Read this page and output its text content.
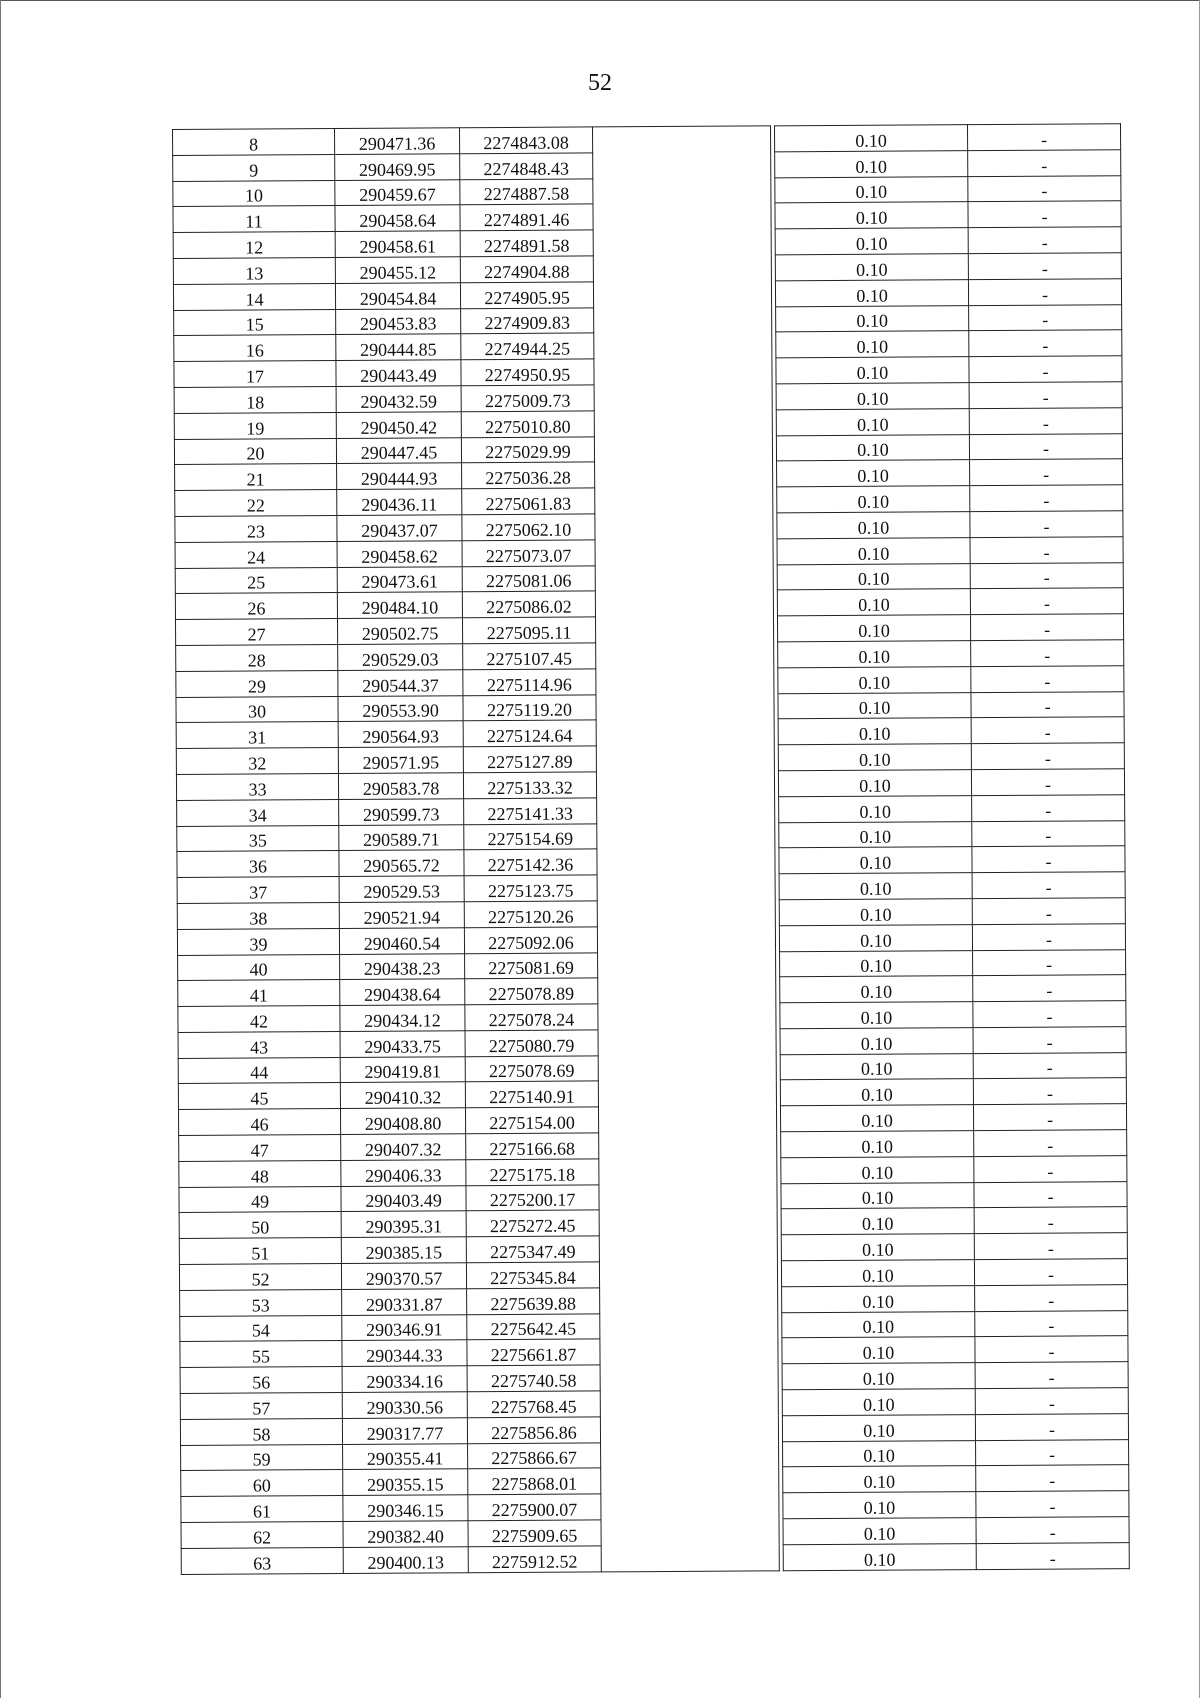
52
8	290471.36	2274843.08			0.10	-
9	290469.95	2274848.43			0.10	-
10	290459.67	2274887.58			0.10	-
11	290458.64	2274891.46			0.10	-
12	290458.61	2274891.58			0.10	-
13	290455.12	2274904.88			0.10	-
14	290454.84	2274905.95			0.10	-
15	290453.83	2274909.83			0.10	-
16	290444.85	2274944.25			0.10	-
17	290443.49	2274950.95			0.10	-
18	290432.59	2275009.73			0.10	-
19	290450.42	2275010.80			0.10	-
20	290447.45	2275029.99			0.10	-
21	290444.93	2275036.28			0.10	-
22	290436.11	2275061.83			0.10	-
23	290437.07	2275062.10			0.10	-
24	290458.62	2275073.07			0.10	-
25	290473.61	2275081.06			0.10	-
26	290484.10	2275086.02			0.10	-
27	290502.75	2275095.11			0.10	-
28	290529.03	2275107.45			0.10	-
29	290544.37	2275114.96			0.10	-
30	290553.90	2275119.20			0.10	-
31	290564.93	2275124.64			0.10	-
32	290571.95	2275127.89			0.10	-
33	290583.78	2275133.32			0.10	-
34	290599.73	2275141.33			0.10	-
35	290589.71	2275154.69			0.10	-
36	290565.72	2275142.36			0.10	-
37	290529.53	2275123.75			0.10	-
38	290521.94	2275120.26			0.10	-
39	290460.54	2275092.06			0.10	-
40	290438.23	2275081.69			0.10	-
41	290438.64	2275078.89			0.10	-
42	290434.12	2275078.24			0.10	-
43	290433.75	2275080.79			0.10	-
44	290419.81	2275078.69			0.10	-
45	290410.32	2275140.91			0.10	-
46	290408.80	2275154.00			0.10	-
47	290407.32	2275166.68			0.10	-
48	290406.33	2275175.18			0.10	-
49	290403.49	2275200.17			0.10	-
50	290395.31	2275272.45			0.10	-
51	290385.15	2275347.49			0.10	-
52	290370.57	2275345.84			0.10	-
53	290331.87	2275639.88			0.10	-
54	290346.91	2275642.45			0.10	-
55	290344.33	2275661.87			0.10	-
56	290334.16	2275740.58			0.10	-
57	290330.56	2275768.45			0.10	-
58	290317.77	2275856.86			0.10	-
59	290355.41	2275866.67			0.10	-
60	290355.15	2275868.01			0.10	-
61	290346.15	2275900.07			0.10	-
62	290382.40	2275909.65			0.10	-
63	290400.13	2275912.52			0.10	-
